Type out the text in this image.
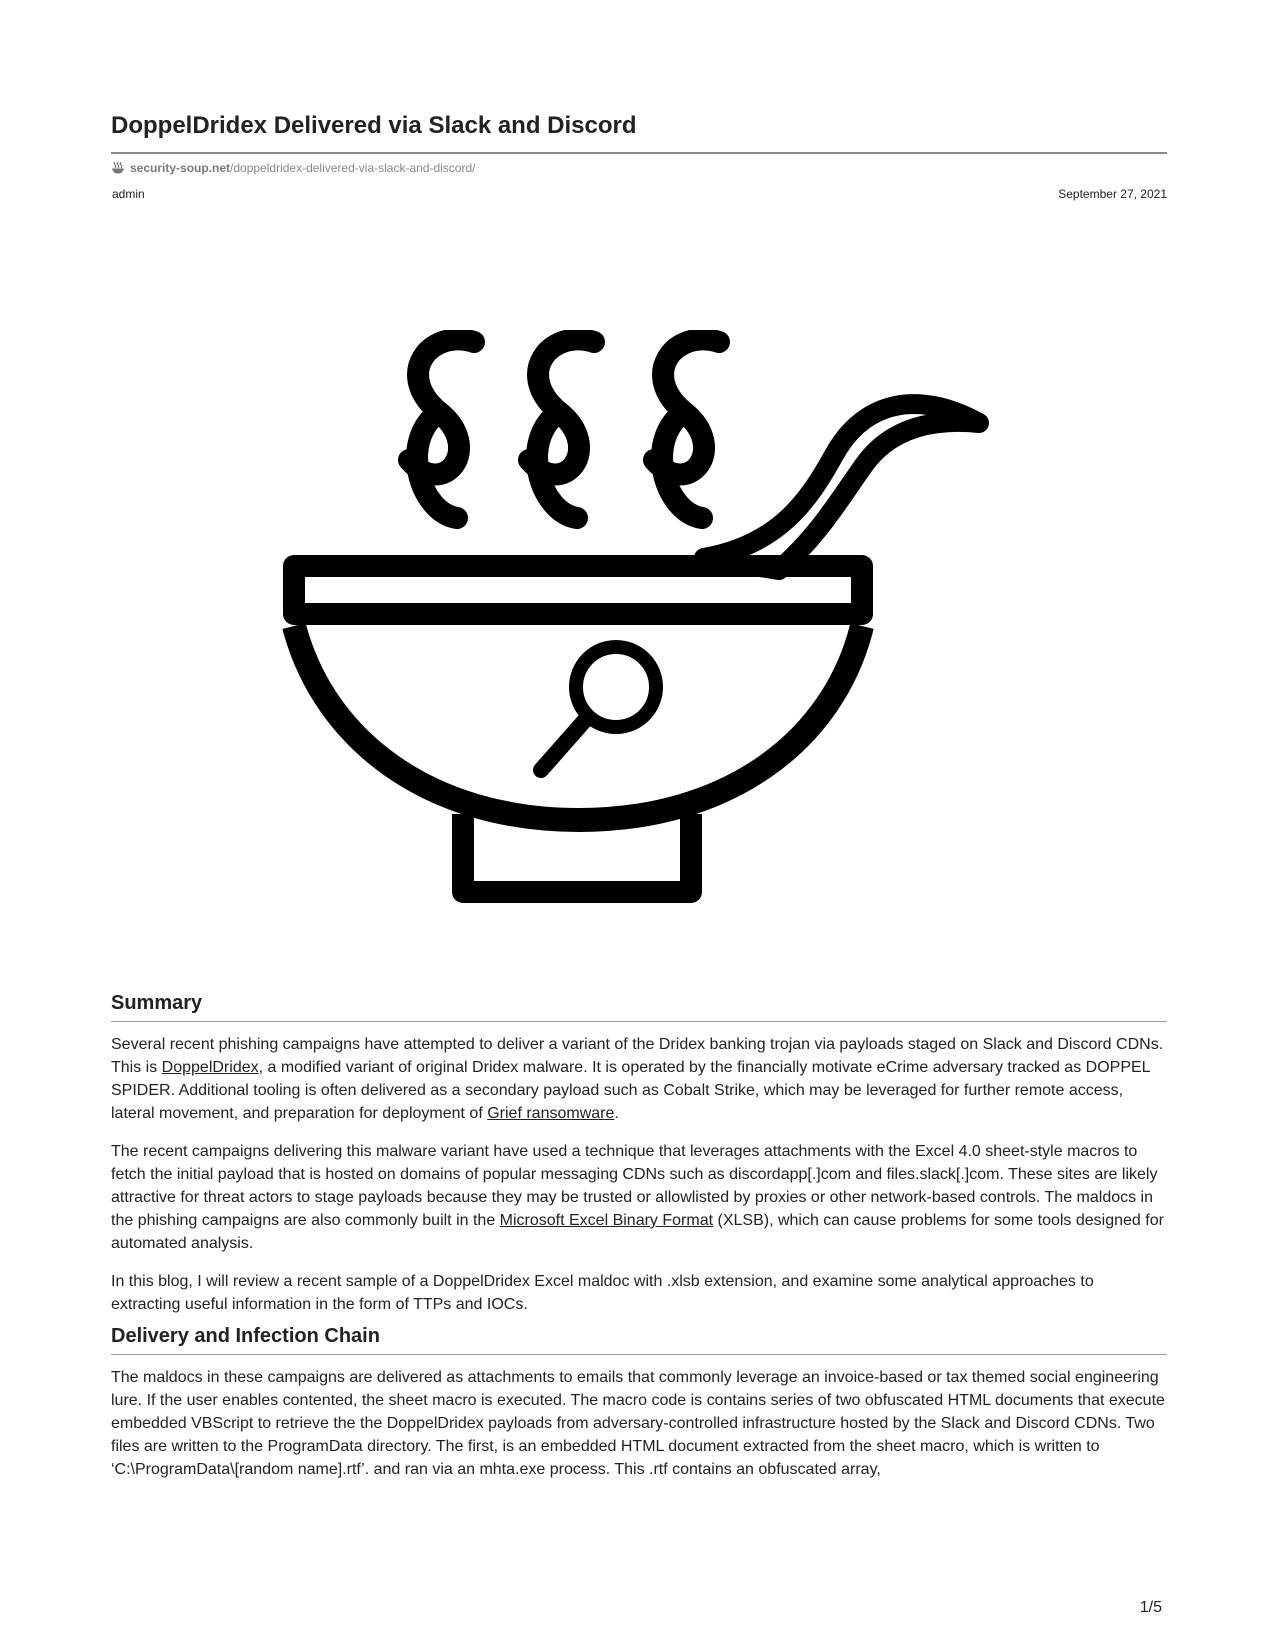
DoppelDridex Delivered via Slack and Discord
security-soup.net/doppeldridex-delivered-via-slack-and-discord/
admin	September 27, 2021
Summary

Several recent phishing campaigns have attempted to deliver a variant of the Dridex banking trojan via payloads staged on Slack and Discord CDNs. This is DoppelDridex, a modified variant of original Dridex malware. It is operated by the financially motivate eCrime adversary tracked as DOPPEL SPIDER. Additional tooling is often delivered as a secondary payload such as Cobalt Strike, which may be leveraged for further remote access, lateral movement, and preparation for deployment of Grief ransomware.

The recent campaigns delivering this malware variant have used a technique that leverages attachments with the Excel 4.0 sheet-style macros to fetch the initial payload that is hosted on domains of popular messaging CDNs such as discordapp[.]com and files.slack[.]com. These sites are likely attractive for threat actors to stage payloads because they may be trusted or allowlisted by proxies or other network-based controls. The maldocs in the phishing campaigns are also commonly built in the Microsoft Excel Binary Format (XLSB), which can cause problems for some tools designed for automated analysis.

In this blog, I will review a recent sample of a DoppelDridex Excel maldoc with .xlsb extension, and examine some analytical approaches to extracting useful information in the form of TTPs and IOCs.

Delivery and Infection Chain

The maldocs in these campaigns are delivered as attachments to emails that commonly leverage an invoice-based or tax themed social engineering lure. If the user enables contented, the sheet macro is executed. The macro code is contains series of two obfuscated HTML documents that execute embedded VBScript to retrieve the the DoppelDridex payloads from adversary-controlled infrastructure hosted by the Slack and Discord CDNs. Two files are written to the ProgramData directory. The first, is an embedded HTML document extracted from the sheet macro, which is written to ‘C:\ProgramData\[random name].rtf’. and ran via an mhta.exe process. This .rtf contains an obfuscated array,

1/5
